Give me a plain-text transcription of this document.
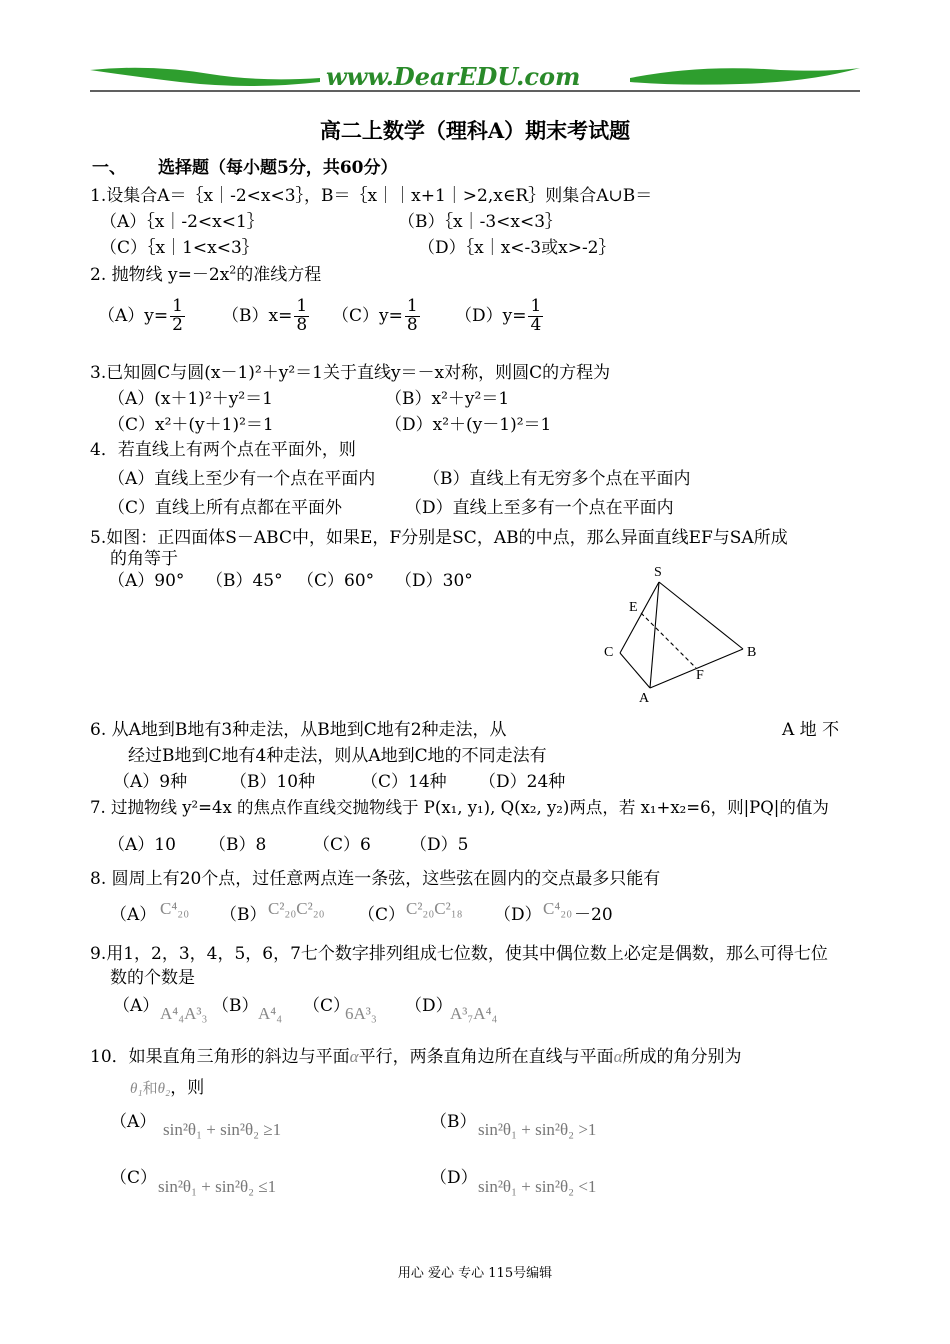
www.DearEDU.com
高二上数学（理科A）期末考试题
一、 选择题（每小题5分，共60分）
1.设集合A＝｛x｜-2<x<3｝，B＝｛x｜｜x+1｜>2,x∈R｝则集合A∪B＝
（A）｛x｜-2<x<1｝	（B）｛x｜-3<x<3｝
（C）｛x｜1<x<3｝	（D）｛x｜x<-3或x>-2｝
2. 抛物线 $y=-2x^2$的准线方程
$(A)y= \frac{1}{2} (B)x= \frac{1}{8} (C)y= \frac{1}{8} (D)y= \frac{1}{4}$
3.已知圆C与圆(x－1)²＋y²＝1关于直线y＝－x对称，则圆C的方程为
（A）(x＋1)²＋y²＝1	（B）x²＋y²＝1
（C）x²＋(y＋1)²＝1	（D）x²＋(y－1)²＝1
4．若直线上有两个点在平面外，则
（A）直线上至少有一个点在平面内	（B）直线上有无穷多个点在平面内
（C）直线上所有点都在平面外	（D）直线上至多有一个点在平面内
5.如图：正四面体S－ABC中，如果E，F分别是SC，AB的中点，那么异面直线EF与SA所成
的角等于
（A）90° （B）45° （C）60° （D）30°	S
E
C	B
F
A
6. 从A地到B地有3种走法，从B地到C地有2种走法，从	A 地 不
经过B地到C地有4种走法，则从A地到C地的不同走法有
（A）9种	（B）10种	（C）14种 （D）24种
7. 过抛物线 y²=4x 的焦点作直线交抛物线于 P(x₁, y₁), Q(x₂, y₂)两点，若 x₁+x₂=6，则|PQ|的值为
（A）10 （B）8	（C）6 （D）5
8. 圆周上有20个点，过任意两点连一条弦，这些弦在圆内的交点最多只能有
（A） C⁴₂₀ （B） C²₂₀C²₂₀ （C） C²₂₀C²₁₈ （D） C⁴₂₀ －20
9.用1，2，3，4，5，6，7七个数字排列组成七位数，使其中偶位数上必定是偶数，那么可得七位
数的个数是
（A） A⁴₄A³₃ （B） A⁴₄ （C）
6A³₃ （D）
A³₇A⁴₄
10．如果直角三角形的斜边与平面α平行，两条直角边所在直线与平面α所成的角分别为
θ₁和θ₂，则
（A） sin²θ₁ + sin²θ₂ ≥1	（B） sin²θ₁ + sin²θ₂ >1
（C） sin²θ₁ + sin²θ₂ ≤1	（D） sin²θ₁ + sin²θ₂ <1
用心 爱心 专心 115号编辑
